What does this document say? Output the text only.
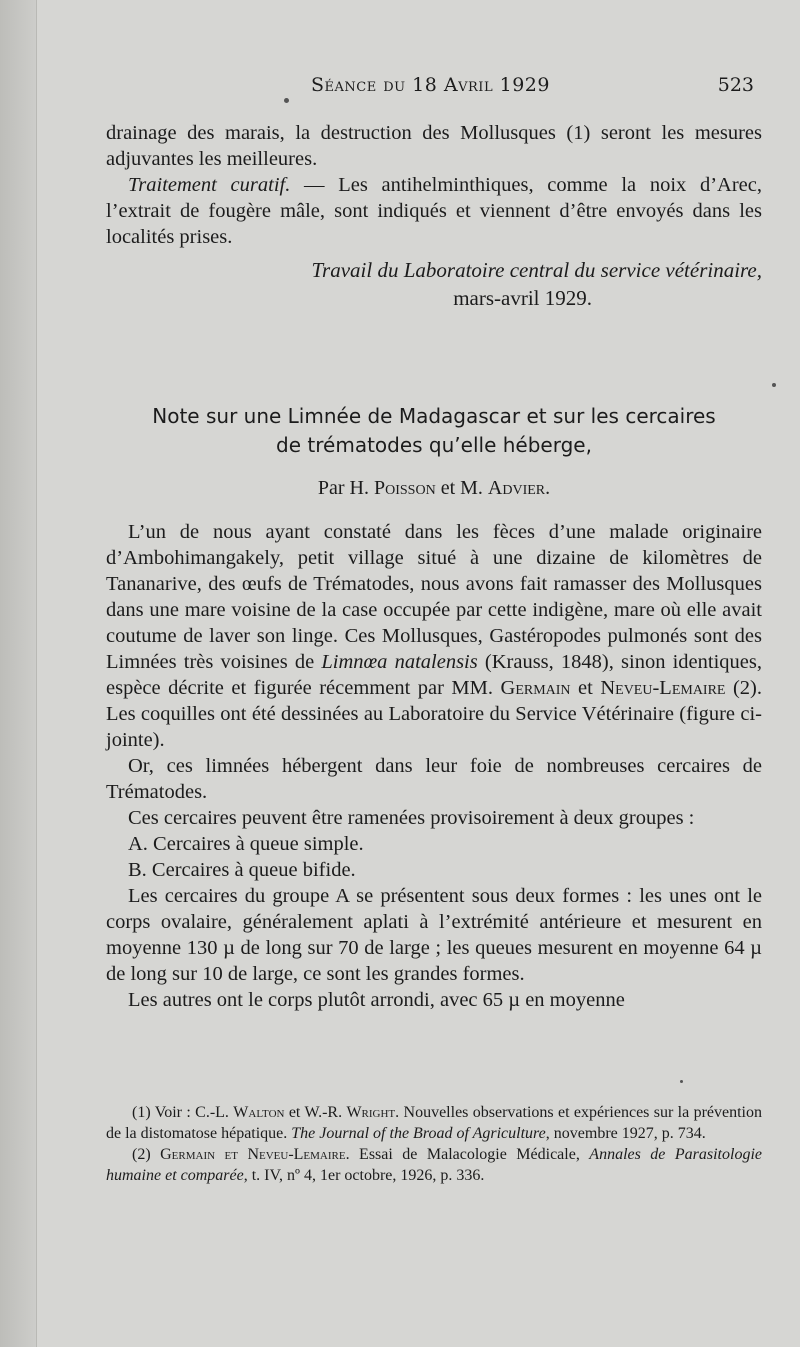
Séance du 18 Avril 1929	523

drainage des marais, la destruction des Mollusques (1) seront les mesures adjuvantes les meilleures.

Traitement curatif. — Les antihelminthiques, comme la noix d’Arec, l’extrait de fougère mâle, sont indiqués et viennent d’être envoyés dans les localités prises.

Travail du Laboratoire central du service vétérinaire,

mars-avril 1929.
Note sur une Limnée de Madagascar et sur les cercaires
de trématodes qu’elle héberge,
Par H. Poisson et M. Advier.

L’un de nous ayant constaté dans les fèces d’une malade originaire d’Ambohimangakely, petit village situé à une dizaine de kilomètres de Tananarive, des œufs de Trématodes, nous avons fait ramasser des Mollusques dans une mare voisine de la case occupée par cette indigène, mare où elle avait coutume de laver son linge. Ces Mollusques, Gastéropodes pulmonés sont des Limnées très voisines de Limnœa natalensis (Krauss, 1848), sinon identiques, espèce décrite et figurée récemment par MM. Germain et Neveu-Lemaire (2). Les coquilles ont été dessinées au Laboratoire du Service Vétérinaire (figure ci-jointe).

Or, ces limnées hébergent dans leur foie de nombreuses cercaires de Trématodes.

Ces cercaires peuvent être ramenées provisoirement à deux groupes :

A. Cercaires à queue simple.

B. Cercaires à queue bifide.

Les cercaires du groupe A se présentent sous deux formes : les unes ont le corps ovalaire, généralement aplati à l’extrémité antérieure et mesurent en moyenne 130 µ de long sur 70 de large ; les queues mesurent en moyenne 64 µ de long sur 10 de large, ce sont les grandes formes.

Les autres ont le corps plutôt arrondi, avec 65 µ en moyenne

(1) Voir : C.-L. Walton et W.-R. Wright. Nouvelles observations et expériences sur la prévention de la distomatose hépatique. The Journal of the Broad of Agriculture, novembre 1927, p. 734.

(2) Germain et Neveu-Lemaire. Essai de Malacologie Médicale, Annales de Parasitologie humaine et comparée, t. IV, nº 4, 1er octobre, 1926, p. 336.
